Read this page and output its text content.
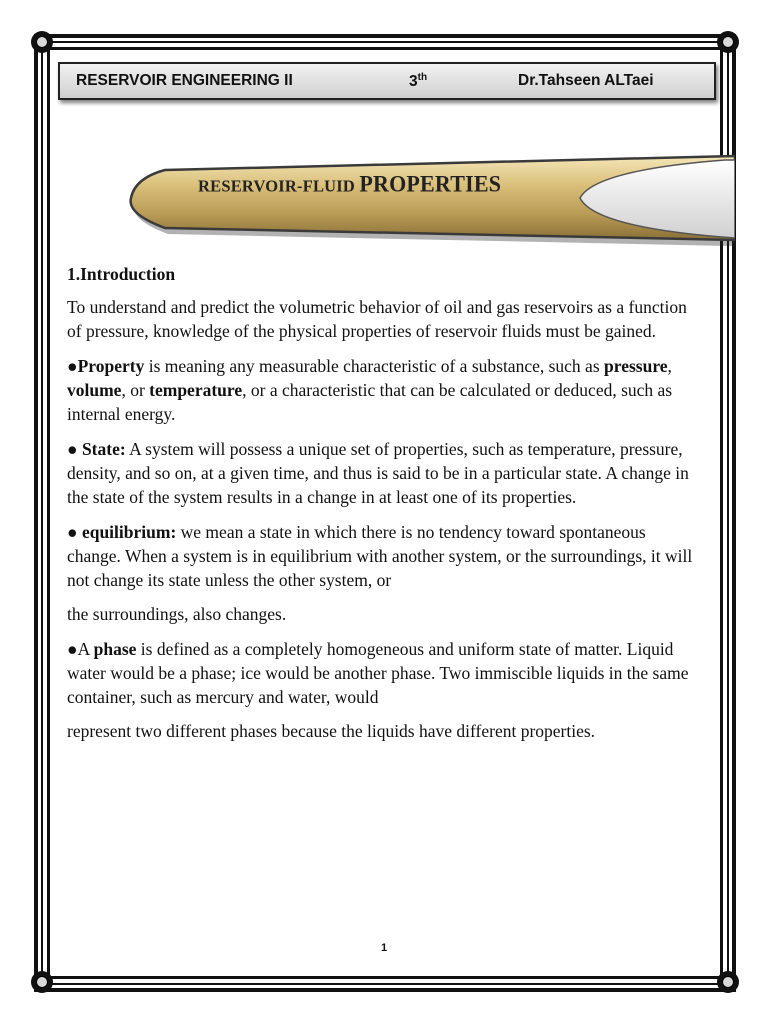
RESERVOIR ENGINEERING II	3th	Dr.Tahseen ALTaei
RESERVOIR-FLUID PROPERTIES
1.Introduction

To understand and predict the volumetric behavior of oil and gas reservoirs as a function of pressure, knowledge of the physical properties of reservoir fluids must be gained.

●Property is meaning any measurable characteristic of a substance, such as pressure, volume, or temperature, or a characteristic that can be calculated or deduced, such as internal energy.

● State: A system will possess a unique set of properties, such as temperature, pressure, density, and so on, at a given time, and thus is said to be in a particular state. A change in the state of the system results in a change in at least one of its properties.

● equilibrium: we mean a state in which there is no tendency toward spontaneous change. When a system is in equilibrium with another system, or the surroundings, it will not change its state unless the other system, or

the surroundings, also changes.

●A phase is defined as a completely homogeneous and uniform state of matter. Liquid water would be a phase; ice would be another phase. Two immiscible liquids in the same container, such as mercury and water, would

represent two different phases because the liquids have different properties.

1
